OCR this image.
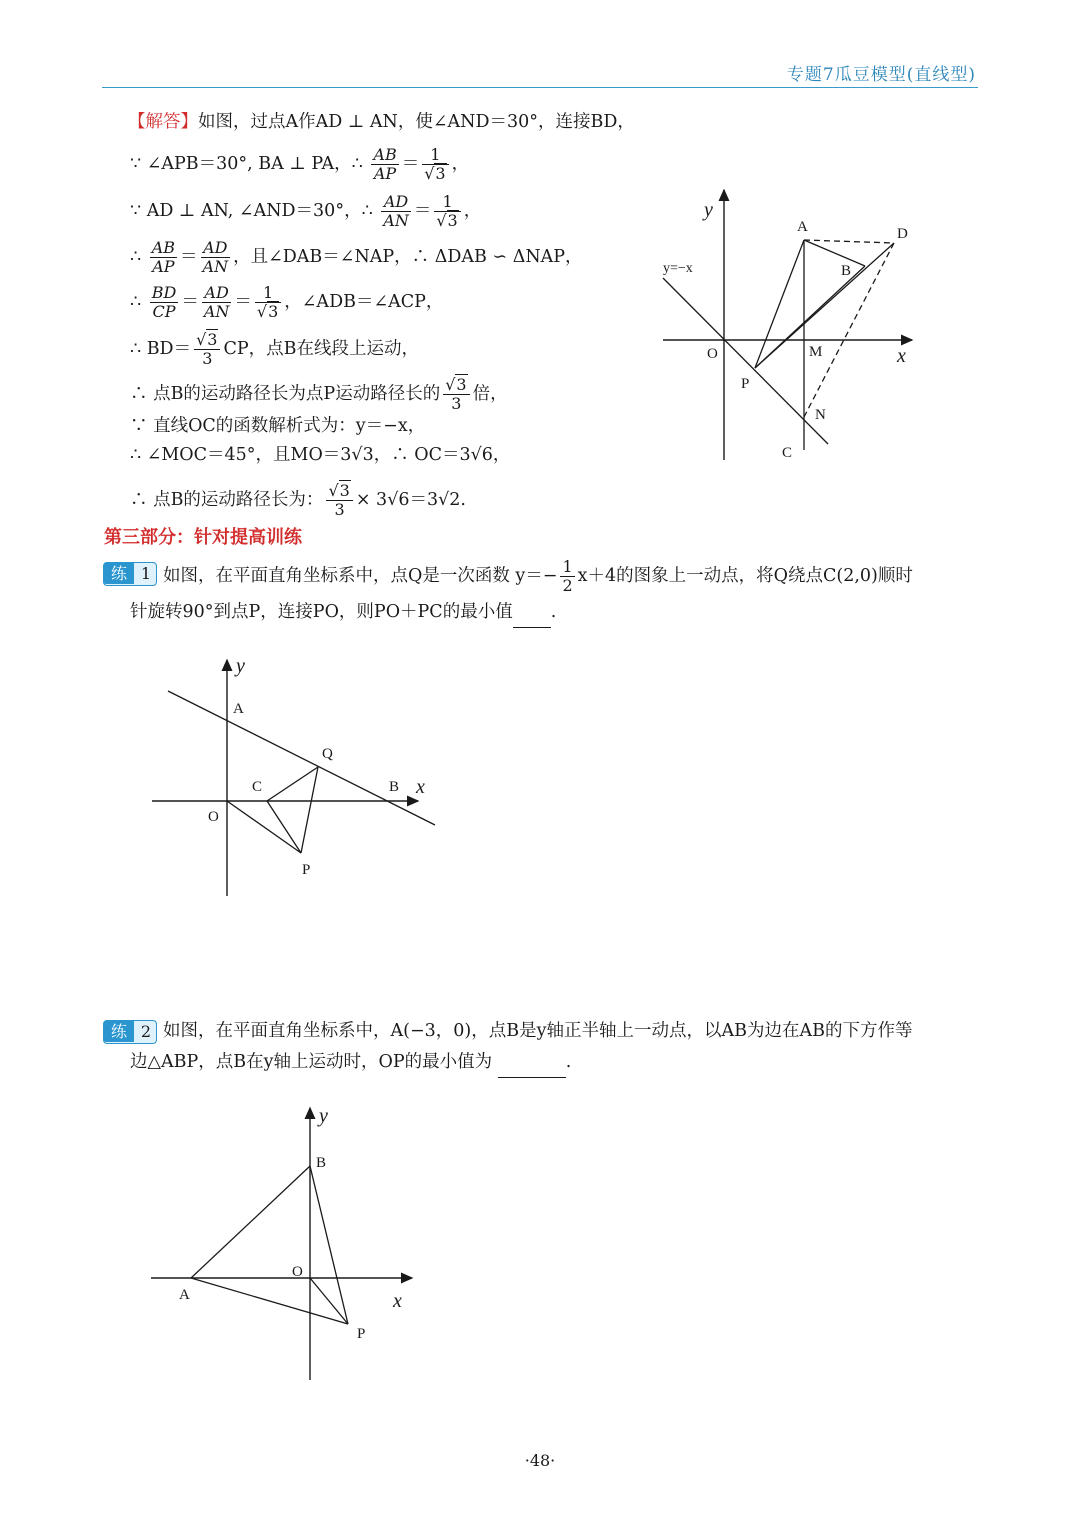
专题7瓜豆模型(直线型)
【解答】如图，过点A作AD ⊥ AN，使∠AND＝30°，连接BD，
∵ ∠APB＝30°, BA ⊥ PA，∴ $\frac{AB}{AP} = \frac{1}{√3}$ ，
∵ AD ⊥ AN, ∠AND＝30°，∴ $\frac{AD}{AN} = \frac{1}{√3}$ ，
∴ $\frac{AB}{AP} = \frac{AD}{AN}$ ，且∠DAB＝∠NAP，∴ ΔDAB ∽ ΔNAP，
∴ $\frac{BD}{CP} = \frac{AD}{AN} = \frac{1}{√3}$ ，∠ADB＝∠ACP，
∴ $BD= \frac{√3}{3}$ CP，点B在线段上运动，
∴ 点B的运动路径长为点P运动路径长的 $\frac{√3}{3}$ 倍，
∵ 直线OC的函数解析式为：y＝−x，
∴ ∠MOC＝45°，且MO＝3√3，∴ OC＝3√6，
∴ 点B的运动路径长为： $\frac{√3}{3} \times 3√6=3√2$.
y
x
y=−x
A
B
C
D
M
N
O
P
第三部分：针对提高训练
练 1 如图，在平面直角坐标系中，点Q是一次函数 $y=- \frac{1}{2} x+4$的图象上一动点，将Q绕点C(2,0)顺时
针旋转90°到点P，连接PO，则PO＋PC的最小值 .
y
x
A
B
C
O
P
Q
练 2 如图，在平面直角坐标系中，A(−3，0)，点B是y轴正半轴上一动点，以AB为边在AB的下方作等
边△ABP，点B在y轴上运动时，OP的最小值为	.
y
x
A
B
O
P
·48·
